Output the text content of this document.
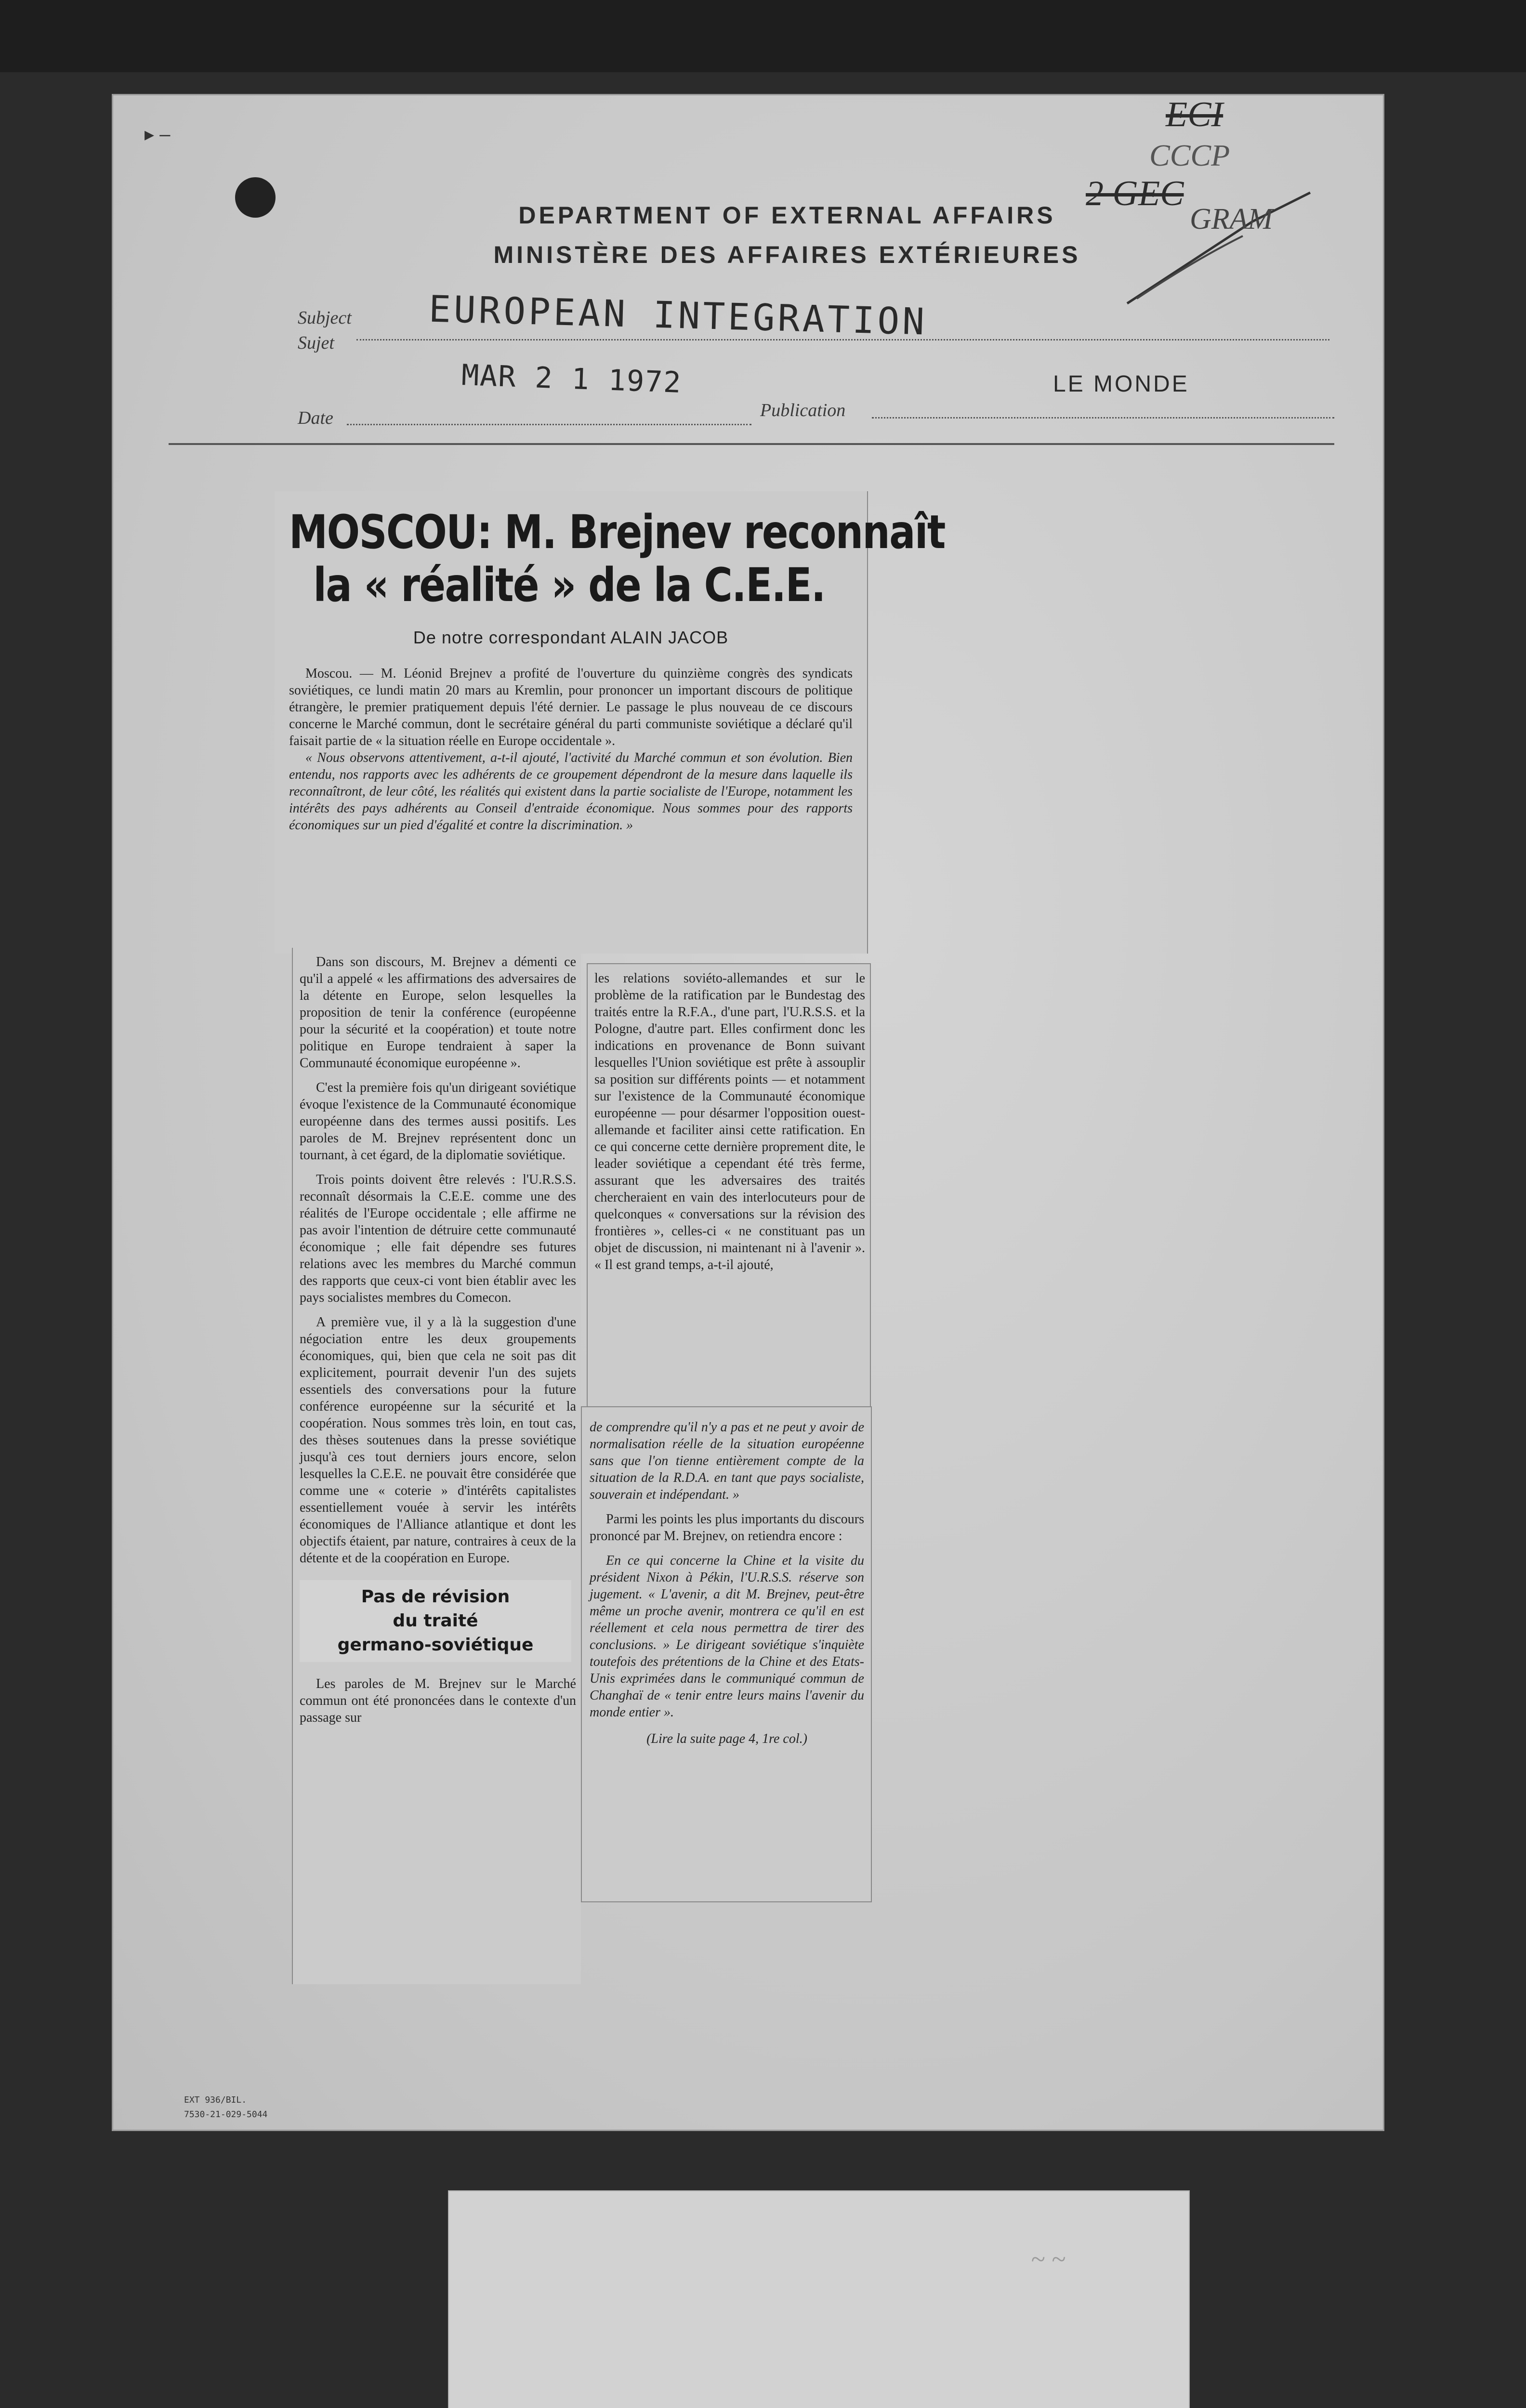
▸ –
DEPARTMENT OF EXTERNAL AFFAIRS
MINISTÈRE DES AFFAIRES EXTÉRIEURES
ECI
CCCP
2 GEC
GRAM
Subject
Sujet	EUROPEAN INTEGRATION
MAR 2 1 1972
Date	Publication
LE MONDE
MOSCOU: M. Brejnev reconnaît
la « réalité » de la C.E.E.
De notre correspondant ALAIN JACOB

Moscou. — M. Léonid Brejnev a profité de l'ouverture du quinzième congrès des syndicats soviétiques, ce lundi matin 20 mars au Kremlin, pour prononcer un important discours de politique étrangère, le premier pratiquement depuis l'été dernier. Le passage le plus nouveau de ce discours concerne le Marché commun, dont le secrétaire général du parti communiste soviétique a déclaré qu'il faisait partie de « la situation réelle en Europe occidentale ».

« Nous observons attentivement, a-t-il ajouté, l'activité du Marché commun et son évolution. Bien entendu, nos rapports avec les adhérents de ce groupement dépendront de la mesure dans laquelle ils reconnaîtront, de leur côté, les réalités qui existent dans la partie socialiste de l'Europe, notamment les intérêts des pays adhérents au Conseil d'entraide économique. Nous sommes pour des rapports économiques sur un pied d'égalité et contre la discrimination. »

Dans son discours, M. Brejnev a démenti ce qu'il a appelé « les affirmations des adversaires de la détente en Europe, selon lesquelles la proposition de tenir la conférence (européenne pour la sécurité et la coopération) et toute notre politique en Europe tendraient à saper la Communauté économique européenne ».

C'est la première fois qu'un dirigeant soviétique évoque l'existence de la Communauté économique européenne dans des termes aussi positifs. Les paroles de M. Brejnev représentent donc un tournant, à cet égard, de la diplomatie soviétique.

Trois points doivent être relevés : l'U.R.S.S. reconnaît désormais la C.E.E. comme une des réalités de l'Europe occidentale ; elle affirme ne pas avoir l'intention de détruire cette communauté économique ; elle fait dépendre ses futures relations avec les membres du Marché commun des rapports que ceux-ci vont bien établir avec les pays socialistes membres du Comecon.

A première vue, il y a là la suggestion d'une négociation entre les deux groupements économiques, qui, bien que cela ne soit pas dit explicitement, pourrait devenir l'un des sujets essentiels des conversations pour la future conférence européenne sur la sécurité et la coopération. Nous sommes très loin, en tout cas, des thèses soutenues dans la presse soviétique jusqu'à ces tout derniers jours encore, selon lesquelles la C.E.E. ne pouvait être considérée que comme une « coterie » d'intérêts capitalistes essentiellement vouée à servir les intérêts économiques de l'Alliance atlantique et dont les objectifs étaient, par nature, contraires à ceux de la détente et de la coopération en Europe.

Pas de révision
du traité
germano-soviétique

Les paroles de M. Brejnev sur le Marché commun ont été prononcées dans le contexte d'un passage sur

les relations soviéto-allemandes et sur le problème de la ratification par le Bundestag des traités entre la R.F.A., d'une part, l'U.R.S.S. et la Pologne, d'autre part. Elles confirment donc les indications en provenance de Bonn suivant lesquelles l'Union soviétique est prête à assouplir sa position sur différents points — et notamment sur l'existence de la Communauté économique européenne — pour désarmer l'opposition ouest-allemande et faciliter ainsi cette ratification. En ce qui concerne cette dernière proprement dite, le leader soviétique a cependant été très ferme, assurant que les adversaires des traités chercheraient en vain des interlocuteurs pour de quelconques « conversations sur la révision des frontières », celles-ci « ne constituant pas un objet de discussion, ni maintenant ni à l'avenir ». « Il est grand temps, a-t-il ajouté,

de comprendre qu'il n'y a pas et ne peut y avoir de normalisation réelle de la situation européenne sans que l'on tienne entièrement compte de la situation de la R.D.A. en tant que pays socialiste, souverain et indépendant. »

Parmi les points les plus importants du discours prononcé par M. Brejnev, on retiendra encore :

En ce qui concerne la Chine et la visite du président Nixon à Pékin, l'U.R.S.S. réserve son jugement. « L'avenir, a dit M. Brejnev, peut-être même un proche avenir, montrera ce qu'il en est réellement et cela nous permettra de tirer des conclusions. » Le dirigeant soviétique s'inquiète toutefois des prétentions de la Chine et des Etats-Unis exprimées dans le communiqué commun de Changhaï de « tenir entre leurs mains l'avenir du monde entier ».

(Lire la suite page 4, 1re col.)

EXT 936/BIL.
7530-21-029-5044
~ ~
